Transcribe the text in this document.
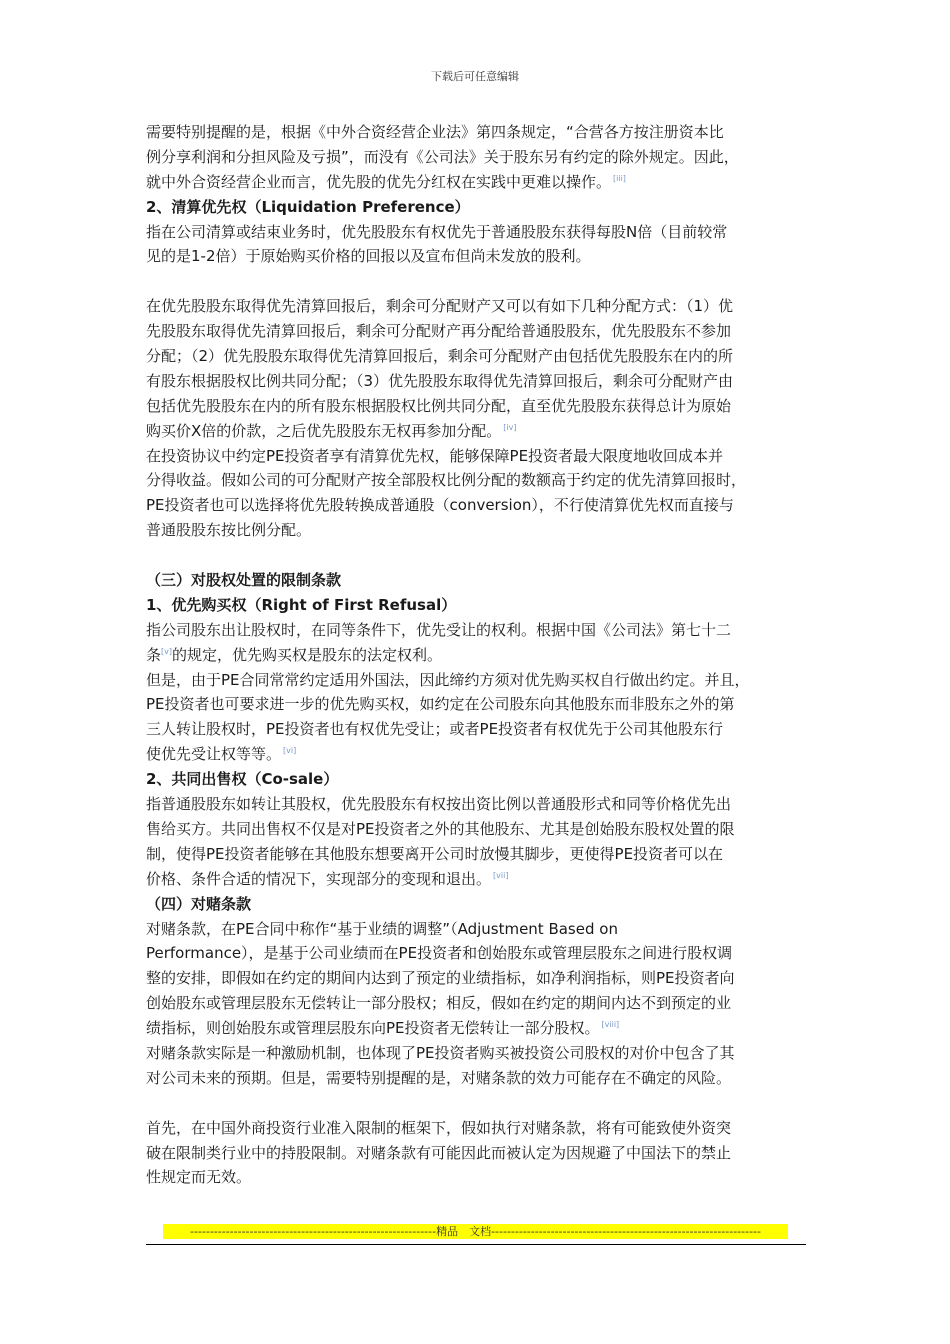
下载后可任意编辑
需要特别提醒的是，根据《中外合资经营企业法》第四条规定，“合营各方按注册资本比
例分享利润和分担风险及亏损”，而没有《公司法》关于股东另有约定的除外规定。因此，
就中外合资经营企业而言，优先股的优先分红权在实践中更难以操作。 [iii]
2、清算优先权（Liquidation Preference）
指在公司清算或结束业务时，优先股股东有权优先于普通股股东获得每股N倍（目前较常
见的是1-2倍）于原始购买价格的回报以及宣布但尚未发放的股利。
在优先股股东取得优先清算回报后，剩余可分配财产又可以有如下几种分配方式：（1）优
先股股东取得优先清算回报后，剩余可分配财产再分配给普通股股东，优先股股东不参加
分配；（2）优先股股东取得优先清算回报后，剩余可分配财产由包括优先股股东在内的所
有股东根据股权比例共同分配；（3）优先股股东取得优先清算回报后，剩余可分配财产由
包括优先股股东在内的所有股东根据股权比例共同分配，直至优先股股东获得总计为原始
购买价X倍的价款，之后优先股股东无权再参加分配。 [iv]
在投资协议中约定PE投资者享有清算优先权，能够保障PE投资者最大限度地收回成本并
分得收益。假如公司的可分配财产按全部股权比例分配的数额高于约定的优先清算回报时，
PE投资者也可以选择将优先股转换成普通股（conversion），不行使清算优先权而直接与
普通股股东按比例分配。
（三）对股权处置的限制条款
1、优先购买权（Right of First Refusal）
指公司股东出让股权时，在同等条件下，优先受让的权利。根据中国《公司法》第七十二
条[v]的规定，优先购买权是股东的法定权利。
但是，由于PE合同常常约定适用外国法，因此缔约方须对优先购买权自行做出约定。并且，
PE投资者也可要求进一步的优先购买权，如约定在公司股东向其他股东而非股东之外的第
三人转让股权时，PE投资者也有权优先受让；或者PE投资者有权优先于公司其他股东行
使优先受让权等等。 [vi]
2、共同出售权（Co-sale）
指普通股股东如转让其股权，优先股股东有权按出资比例以普通股形式和同等价格优先出
售给买方。共同出售权不仅是对PE投资者之外的其他股东、尤其是创始股东股权处置的限
制，使得PE投资者能够在其他股东想要离开公司时放慢其脚步，更使得PE投资者可以在
价格、条件合适的情况下，实现部分的变现和退出。 [vii]
（四）对赌条款
对赌条款，在PE合同中称作“基于业绩的调整”（Adjustment Based on
Performance），是基于公司业绩而在PE投资者和创始股东或管理层股东之间进行股权调
整的安排，即假如在约定的期间内达到了预定的业绩指标，如净利润指标，则PE投资者向
创始股东或管理层股东无偿转让一部分股权；相反，假如在约定的期间内达不到预定的业
绩指标，则创始股东或管理层股东向PE投资者无偿转让一部分股权。 [viii]
对赌条款实际是一种激励机制，也体现了PE投资者购买被投资公司股权的对价中包含了其
对公司未来的预期。但是，需要特别提醒的是，对赌条款的效力可能存在不确定的风险。
首先，在中国外商投资行业准入限制的框架下，假如执行对赌条款，将有可能致使外资突
破在限制类行业中的持股限制。对赌条款有可能因此而被认定为因规避了中国法下的禁止
性规定而无效。
--------------------------------------------------------------精品　文档--------------------------------------------------------------------
